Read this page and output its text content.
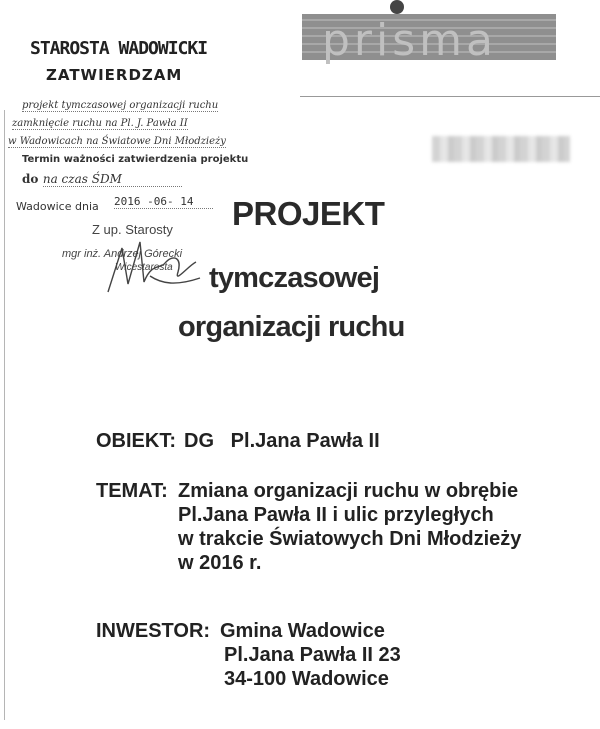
STAROSTA WADOWICKI
ZATWIERDZAM
projekt tymczasowej organizacji ruchu
zamknięcie ruchu na Pl. J. Pawła II
w Wadowicach na Światowe Dni Młodzieży
Termin ważności zatwierdzenia projektu
do na czas ŚDM
Wadowice dnia 2016 -06- 14
Z up. Starosty
mgr inż. Andrzej Górecki
Wicestarosta
prisma
PROJEKT
tymczasowej
organizacji ruchu
OBIEKT: DG   Pl.Jana Pawła II
TEMAT: Zmiana organizacji ruchu w obrębie
Pl.Jana Pawła II i ulic przyległych
w trakcie Światowych Dni Młodzieży
w 2016 r.
INWESTOR: Gmina Wadowice
Pl.Jana Pawła II 23
34-100 Wadowice
